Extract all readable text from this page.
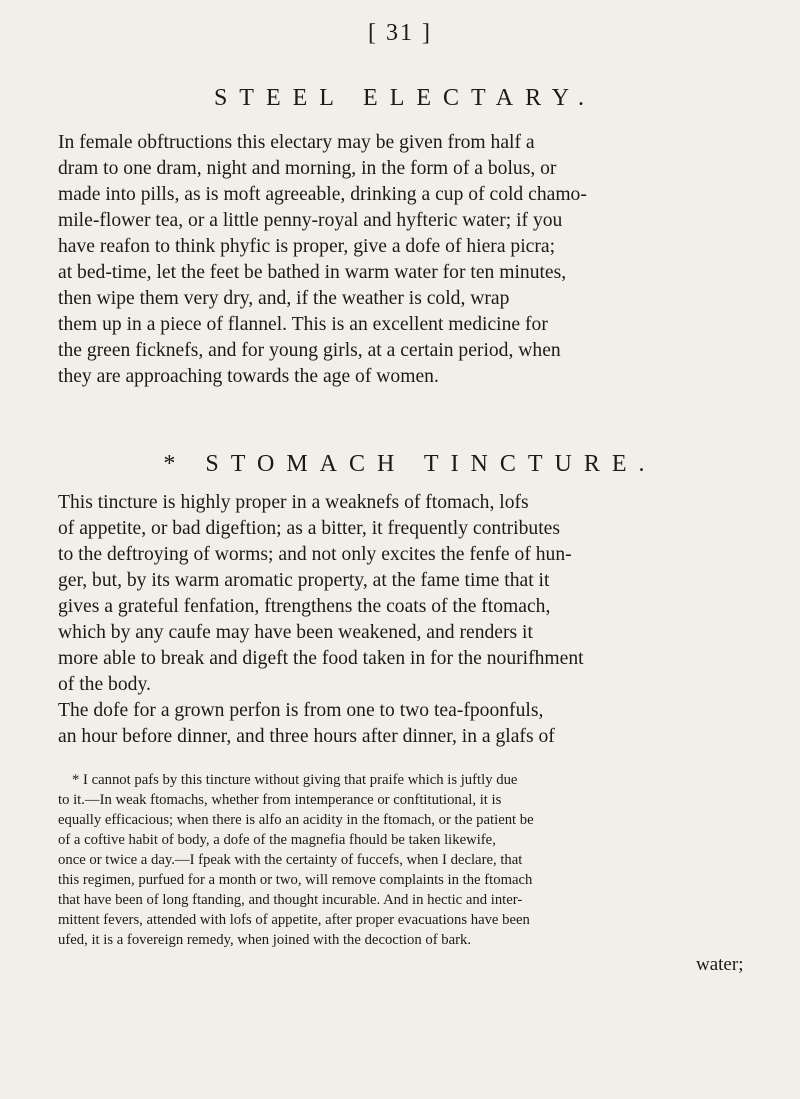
[ 31 ]
STEEL ELECTARY.
In female obftructions this electary may be given from half a
dram to one dram, night and morning, in the form of a bolus, or
made into pills, as is moft agreeable, drinking a cup of cold chamo-
mile-flower tea, or a little penny-royal and hyfteric water; if you
have reafon to think phyfic is proper, give a dofe of hiera picra;
at bed-time, let the feet be bathed in warm water for ten minutes,
then wipe them very dry, and, if the weather is cold, wrap
them up in a piece of flannel. This is an excellent medicine for
the green ficknefs, and for young girls, at a certain period, when
they are approaching towards the age of women.
* STOMACH TINCTURE.
This tincture is highly proper in a weaknefs of ftomach, lofs
of appetite, or bad digeftion; as a bitter, it frequently contributes
to the deftroying of worms; and not only excites the fenfe of hun-
ger, but, by its warm aromatic property, at the fame time that it
gives a grateful fenfation, ftrengthens the coats of the ftomach,
which by any caufe may have been weakened, and renders it
more able to break and digeft the food taken in for the nourifhment
of the body.
The dofe for a grown perfon is from one to two tea-fpoonfuls,
an hour before dinner, and three hours after dinner, in a glafs of
* I cannot pafs by this tincture without giving that praife which is juftly due
to it.—In weak ftomachs, whether from intemperance or conftitutional, it is
equally efficacious; when there is alfo an acidity in the ftomach, or the patient be
of a coftive habit of body, a dofe of the magnefia fhould be taken likewife,
once or twice a day.—I fpeak with the certainty of fuccefs, when I declare, that
this regimen, purfued for a month or two, will remove complaints in the ftomach
that have been of long ftanding, and thought incurable. And in hectic and inter-
mittent fevers, attended with lofs of appetite, after proper evacuations have been
ufed, it is a fovereign remedy, when joined with the decoction of bark.
water;
